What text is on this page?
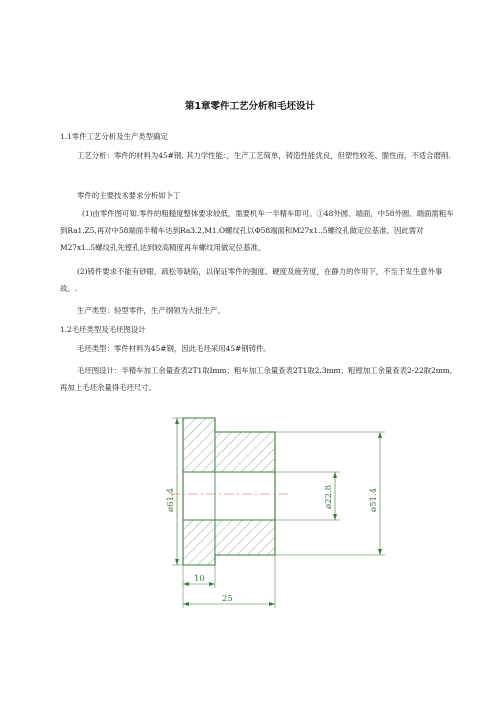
第1章零件工艺分析和毛坯设计
1.1零件工艺分析及生产类型确定
工艺分析：零件的材料为45#钢, 其力学性能：，生产工艺简单，铸造性能优良，但塑性较差、脆性而，不适合磨削.
零件的主要技术要求分析如卜丁
(1)由零件图可知.零件的粗糙度整体要求较低，需要机车一半精车即可。①48外圆、端面，中58外圆、端面需粗车到Ra1.Z5,再对中58端面半精车达到Ra3.2,M1.O螺纹孔以Φ58端面和M27x1..5螺纹孔做定位基准，因此需对M27x1..5螺纹孔先镗孔达到较高精度再车螺纹用做定位基准。
(2)铸件要求不能有砂眼、疏松等缺陷，以保证零件的强度、硬度及疲劳度，在静力的作用下，不至于发生意外事故。.
生产类型：轻型零件，生产纲领为大批生产。
1.2毛坯类型及毛坯图设计
毛坯类型：零件材料为45#钢，因此毛坯采用45#钢铸件。
毛坯图设计：半精车加工余量查表2T1取Imm；粗车加工余量查表2T1取2.3mm；粗镗加工余量查表2-22取2mm,再加上毛坯余量得毛坯尺寸。
ø61.4	ø22.8	ø51.4
10
25
